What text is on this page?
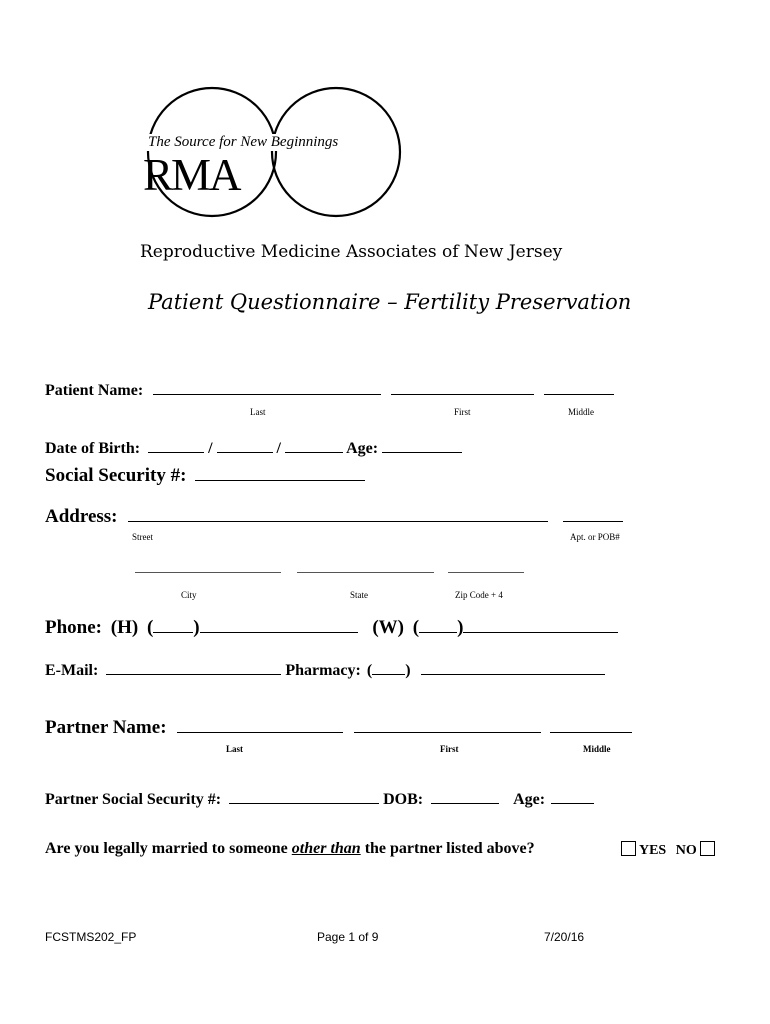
The Source for New Beginnings
RMA
Reproductive Medicine Associates of New Jersey
Patient Questionnaire – Fertility Preservation
Patient Name:
Last	First	Middle
Date of Birth:	/	/	Age:
Social Security #:
Address:
Street	Apt. or POB#

City	State	Zip Code + 4
Phone: (H) ( )	(W) ( )
E-Mail:	Pharmacy: ( )
Partner Name:
Last	First	Middle
Partner Social Security #:	DOB:	Age:
Are you legally married to someone other than the partner listed above?	YES NO
FCSTMS202_FP	Page 1 of 9	7/20/16
